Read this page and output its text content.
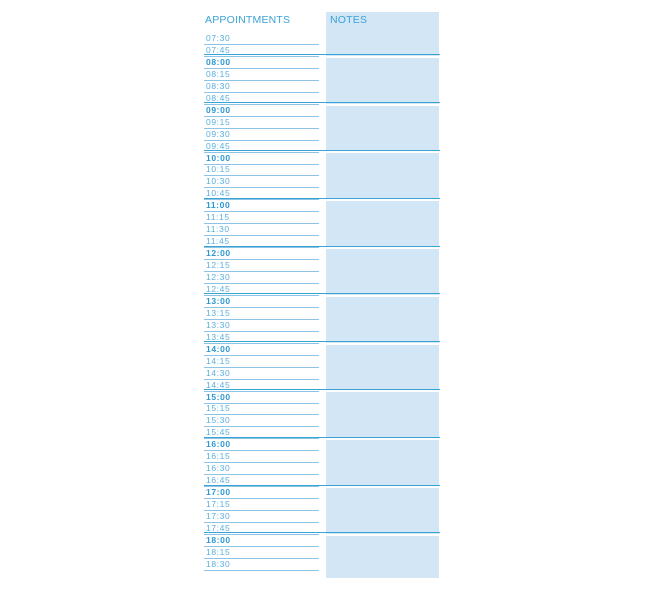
APPOINTMENTS	NOTES
07:30
07:45
08:00
08:15
08:30
08:45
09:00
09:15
09:30
09:45
10:00
10:15
10:30
10:45
11:00
11:15
11:30
11:45
12:00
12:15
12:30
12:45
13:00
13:15
13:30
13:45
14:00
14:15
14:30
14:45
15:00
15:15
15:30
15:45
16:00
16:15
16:30
16:45
17:00
17:15
17:30
17:45
18:00
18:15
18:30
